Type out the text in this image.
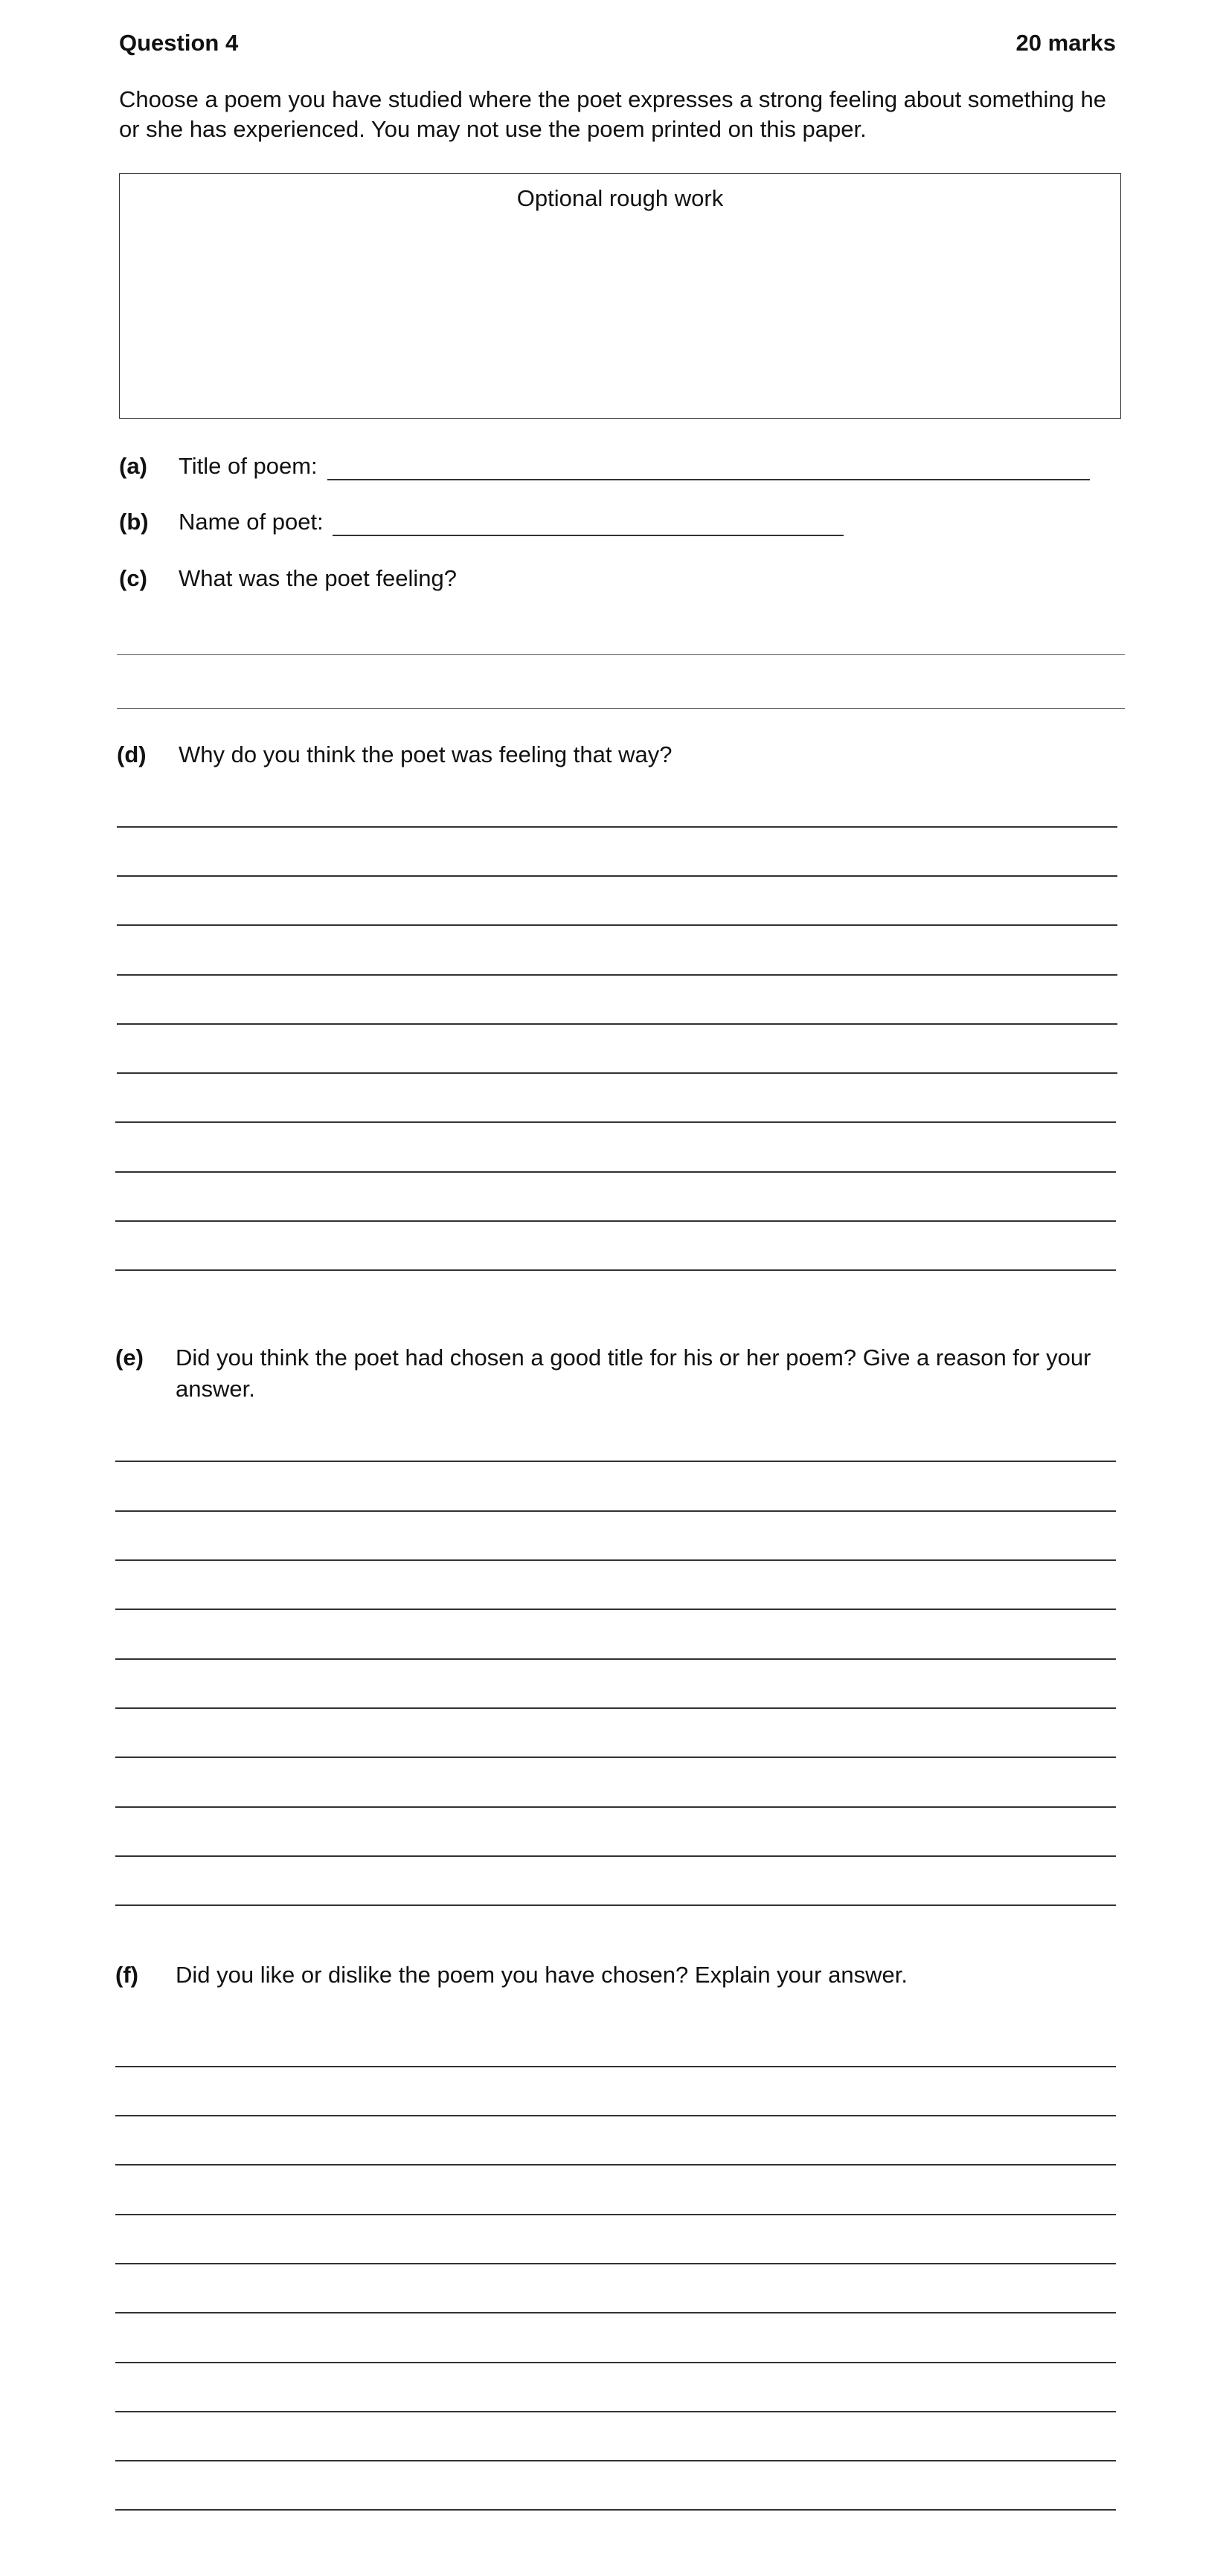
Question 4	20 marks
Choose a poem you have studied where the poet expresses a strong feeling about something he
or she has experienced. You may not use the poem printed on this paper.
Optional rough work
(a) Title of poem:
(b) Name of poet:
(c) What was the poet feeling?
(d) Why do you think the poet was feeling that way?
(e) Did you think the poet had chosen a good title for his or her poem? Give a reason for your
answer.
(f) Did you like or dislike the poem you have chosen? Explain your answer.
